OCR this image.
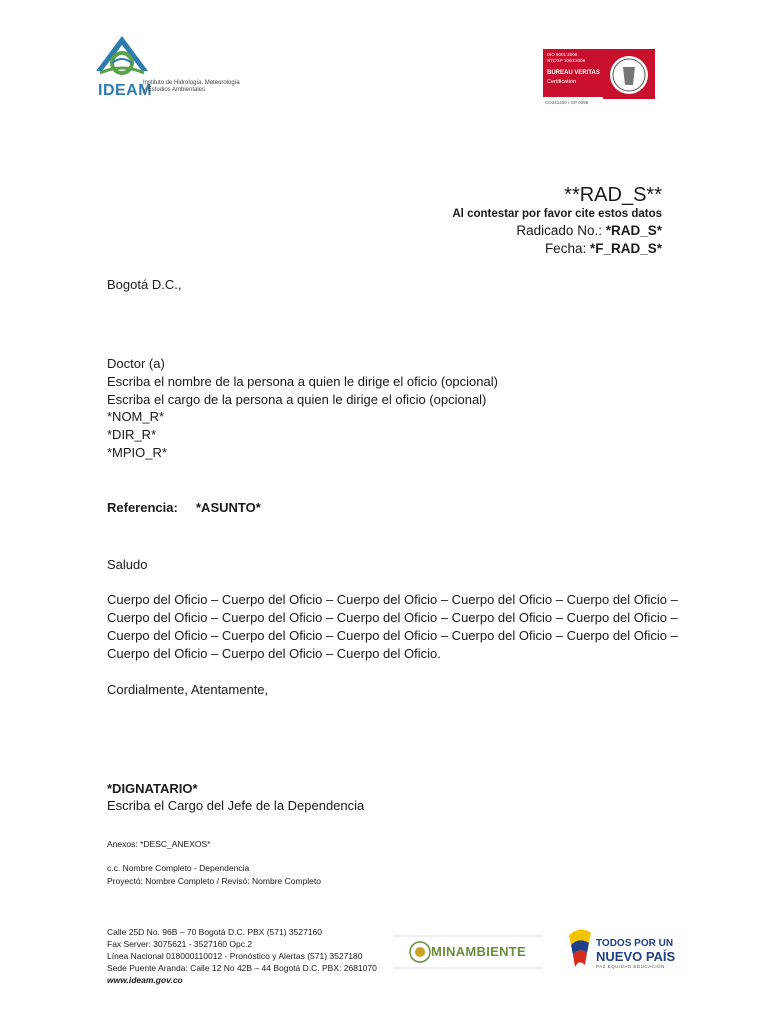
IDEAM
Instituto de Hidrología, Meteorología y Estudios Ambientales
ISO 9001:2008
NTCGP 1000:2009
BUREAU VERITAS
Certification
CO241400 / GP 0098
**RAD_S**
Al contestar por favor cite estos datos
Radicado No.: *RAD_S*
Fecha: *F_RAD_S*
Bogotá D.C.,
Doctor (a)
Escriba el nombre de la persona a quien le dirige el oficio (opcional)
Escriba el cargo de la persona a quien le dirige el oficio (opcional)
*NOM_R*
*DIR_R*
*MPIO_R*
Referencia: *ASUNTO*
Saludo
Cuerpo del Oficio – Cuerpo del Oficio – Cuerpo del Oficio – Cuerpo del Oficio – Cuerpo del Oficio –
Cuerpo del Oficio – Cuerpo del Oficio – Cuerpo del Oficio – Cuerpo del Oficio – Cuerpo del Oficio –
Cuerpo del Oficio – Cuerpo del Oficio – Cuerpo del Oficio – Cuerpo del Oficio – Cuerpo del Oficio –
Cuerpo del Oficio – Cuerpo del Oficio – Cuerpo del Oficio.
Cordialmente, Atentamente,
*DIGNATARIO*
Escriba el Cargo del Jefe de la Dependencia
Anexos: *DESC_ANEXOS*
c.c. Nombre Completo - Dependencia
Proyectó: Nombre Completo / Revisó: Nombre Completo
Calle 25D No. 96B – 70 Bogotá D.C. PBX (571) 3527160
Fax Server: 3075621 - 3527160 Opc.2
Línea Nacional 018000110012 - Pronóstico y Alertas (571) 3527180
Sede Puente Aranda: Calle 12 No 42B – 44 Bogotá D.C. PBX: 2681070
www.ideam.gov.co
MINAMBIENTE
TODOS POR UN
NUEVO PAÍS
PAZ EQUIDAD EDUCACIÓN
